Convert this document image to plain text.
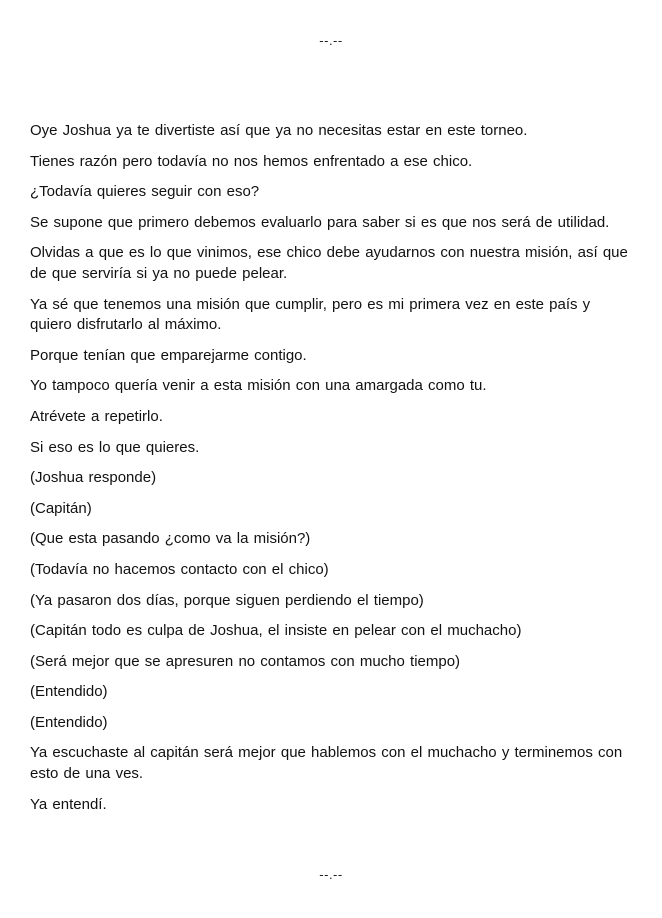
--.--

Oye Joshua ya te divertiste así que ya no necesitas estar en este torneo.

Tienes razón pero todavía no nos hemos enfrentado a ese chico.

¿Todavía quieres seguir con eso?

Se supone que primero debemos evaluarlo para saber si es que nos será de utilidad.

Olvidas a que es lo que vinimos, ese chico debe ayudarnos con nuestra misión, así que de que serviría si ya no puede pelear.

Ya sé que tenemos una misión que cumplir, pero es mi primera vez en este país y quiero disfrutarlo al máximo.

Porque tenían que emparejarme contigo.

Yo tampoco quería venir a esta misión con una amargada como tu.

Atrévete a repetirlo.

Si eso es lo que quieres.

(Joshua responde)

(Capitán)

(Que esta pasando ¿como va la misión?)

(Todavía no hacemos contacto con el chico)

(Ya pasaron dos días, porque siguen perdiendo el tiempo)

(Capitán todo es culpa de Joshua, el insiste en pelear con el muchacho)

(Será mejor que se apresuren no contamos con mucho tiempo)

(Entendido)

(Entendido)

Ya escuchaste al capitán será mejor que hablemos con el muchacho y terminemos con esto de una ves.

Ya entendí.

--.--
